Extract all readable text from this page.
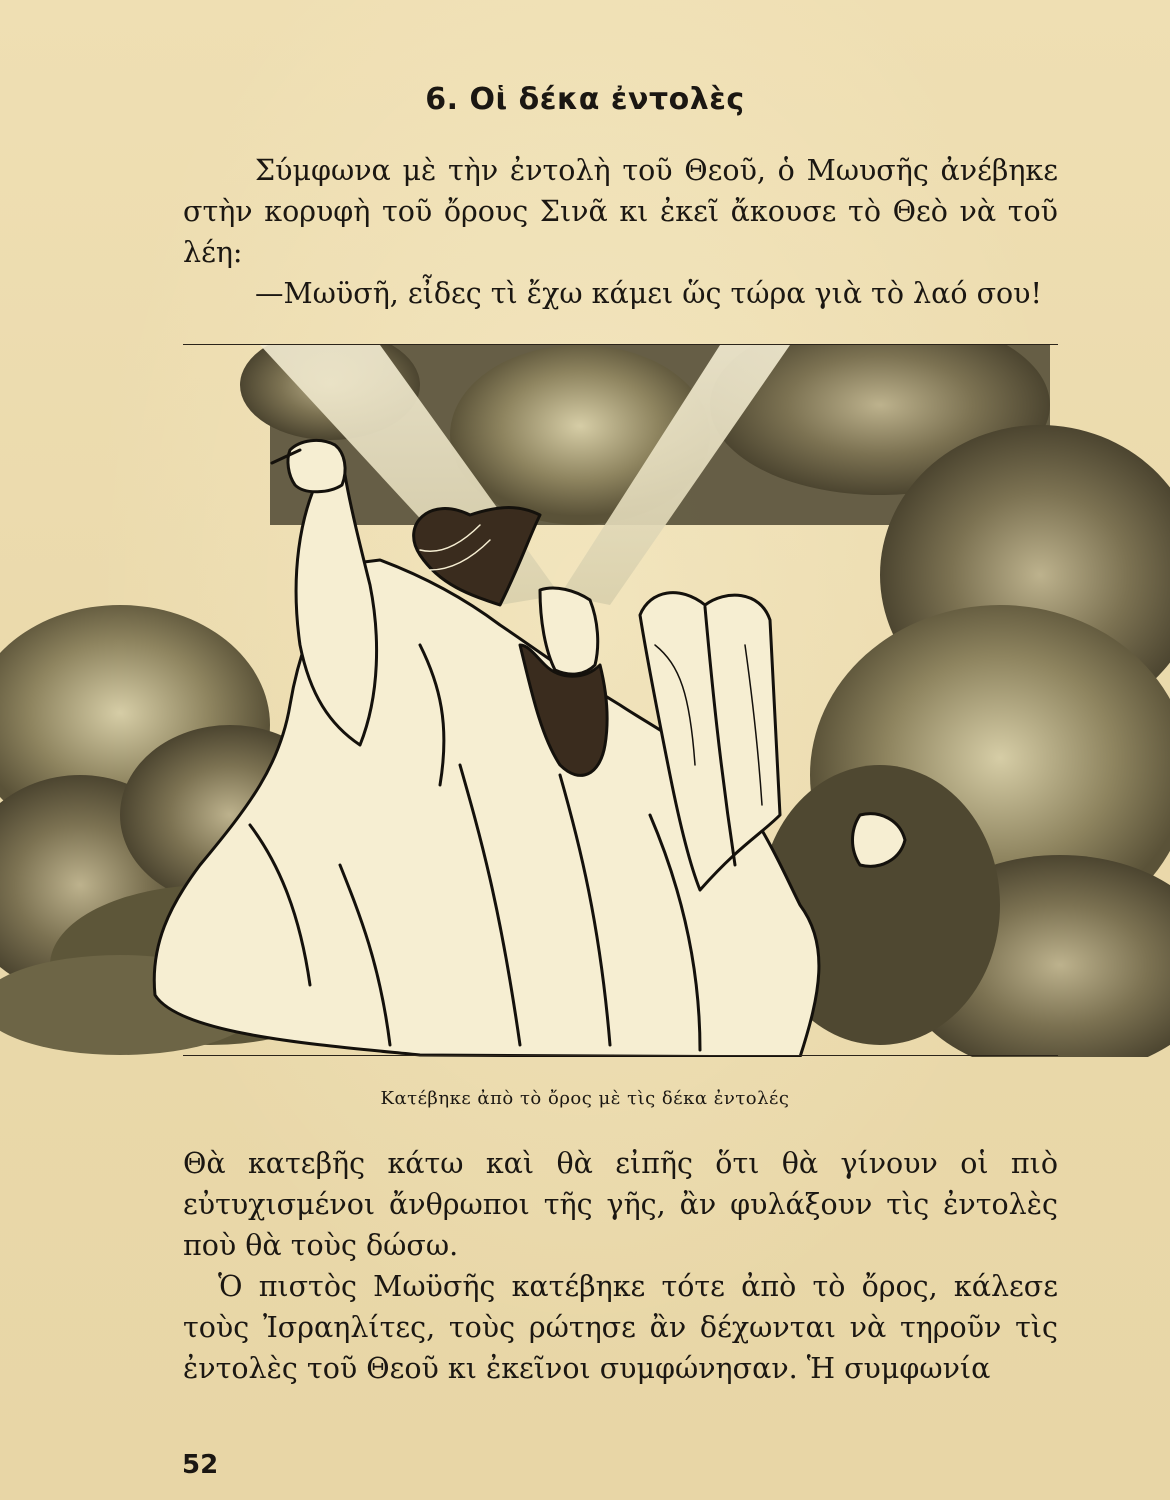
6. Οἱ δέκα ἐντολὲς

Σύμφωνα μὲ τὴν ἐντολὴ τοῦ Θεοῦ, ὁ Μωυσῆς ἀνέβηκε στὴν κορυφὴ τοῦ ὄρους Σινᾶ κι ἐκεῖ ἄκουσε τὸ Θεὸ νὰ τοῦ λέη:

—Μωϋσῆ, εἶδες τὶ ἔχω κάμει ὥς τώρα γιὰ τὸ λαό σου!

Κατέβηκε ἀπὸ τὸ ὄρος μὲ τὶς δέκα ἐντολές

Θὰ κατεβῆς κάτω καὶ θὰ εἰπῆς ὅτι θὰ γίνουν οἱ πιὸ εὐτυχισμένοι ἄνθρωποι τῆς γῆς, ἂν φυλάξουν τὶς ἐντολὲς ποὺ θὰ τοὺς δώσω.

Ὁ πιστὸς Μωϋσῆς κατέβηκε τότε ἀπὸ τὸ ὄρος, κάλεσε τοὺς Ἰσραηλίτες, τοὺς ρώτησε ἂν δέχωνται νὰ τηροῦν τὶς ἐντολὲς τοῦ Θεοῦ κι ἐκεῖνοι συμφώνησαν. Ἡ συμφωνία

52
